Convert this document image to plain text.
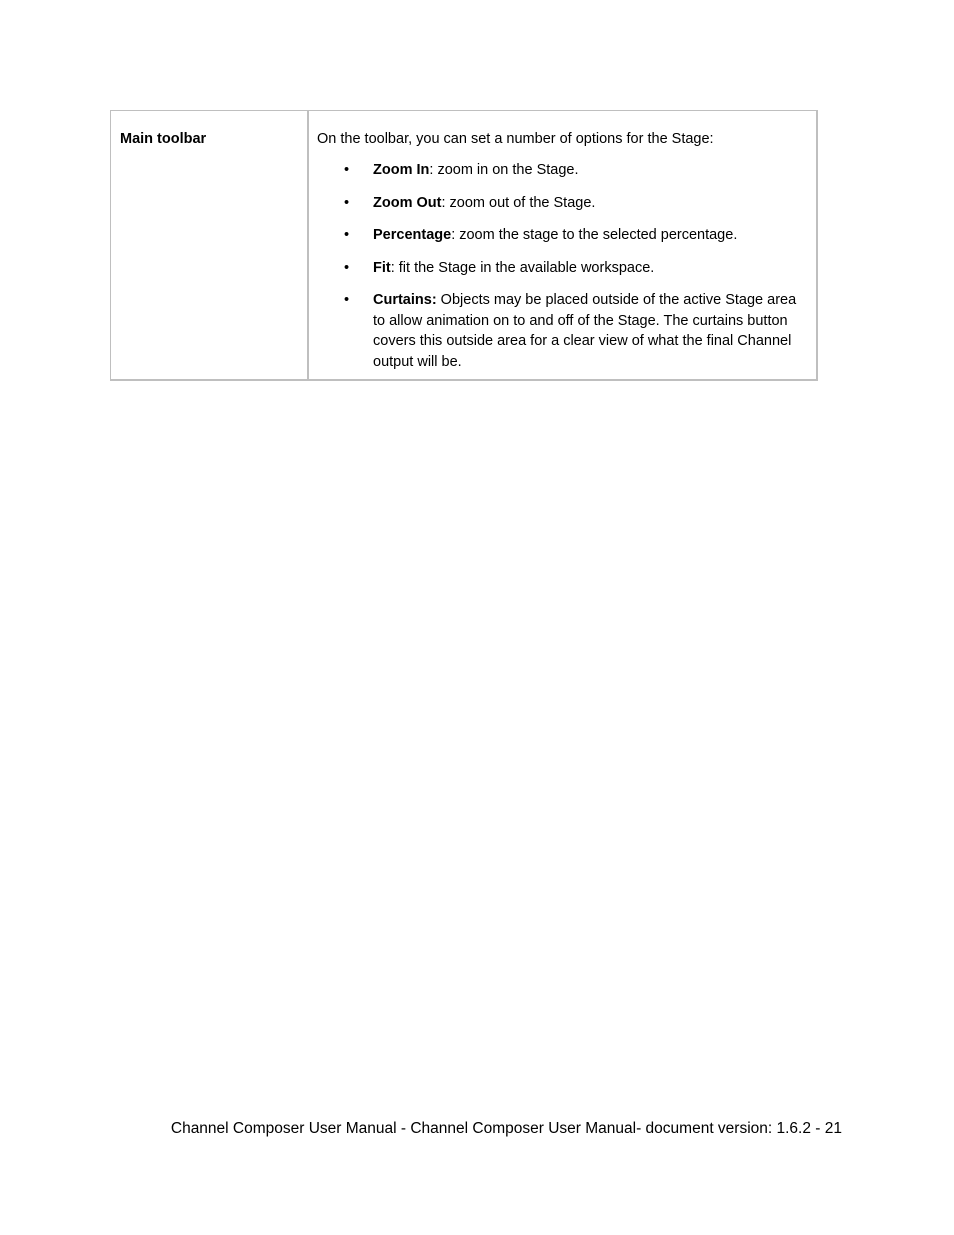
Main toolbar	On the toolbar, you can set a number of options for the Stage:
• Zoom In: zoom in on the Stage.
• Zoom Out: zoom out of the Stage.
• Percentage: zoom the stage to the selected percentage.
• Fit: fit the Stage in the available workspace.
• Curtains: Objects may be placed outside of the active Stage area to allow animation on to and off of the Stage. The curtains button covers this outside area for a clear view of what the final Channel output will be.
Channel Composer User Manual - Channel Composer User Manual- document version: 1.6.2 - 21
